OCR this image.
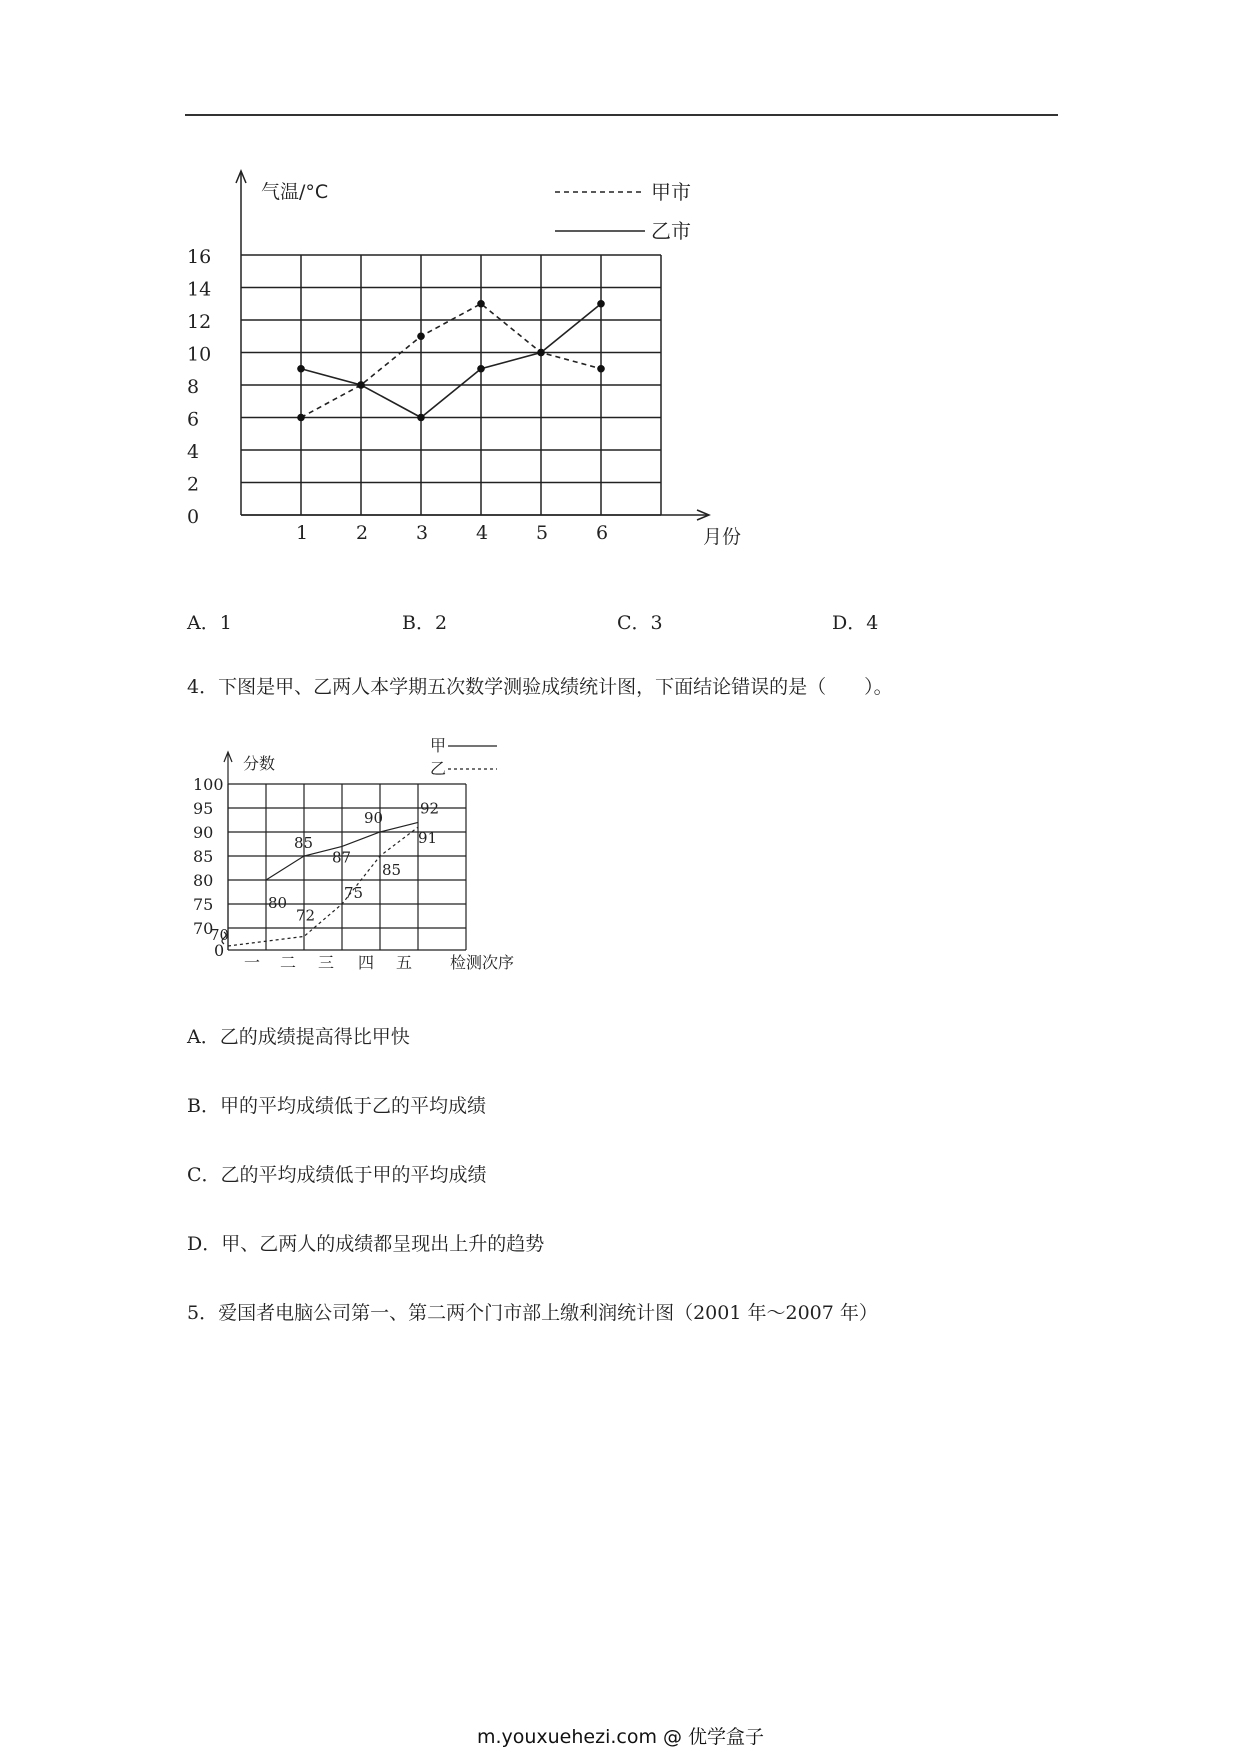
气温/°C
月份
0
2
4
6
8
10
12
14
16
1	2	3	4	5	6
甲市
乙市
A．1	B．2	C．3	D．4
4．下图是甲、乙两人本学期五次数学测验成绩统计图，下面结论错误的是（　　）。
分数
检测次序
0
70
75
80
85
90
95
100
一 二 三 四 五
80
85
87
90
92
70
72
75
85
91
甲
乙
A．乙的成绩提高得比甲快
B．甲的平均成绩低于乙的平均成绩
C．乙的平均成绩低于甲的平均成绩
D．甲、乙两人的成绩都呈现出上升的趋势
5．爱国者电脑公司第一、第二两个门市部上缴利润统计图（2001 年～2007 年）
m.youxuehezi.com @ 优学盒子
